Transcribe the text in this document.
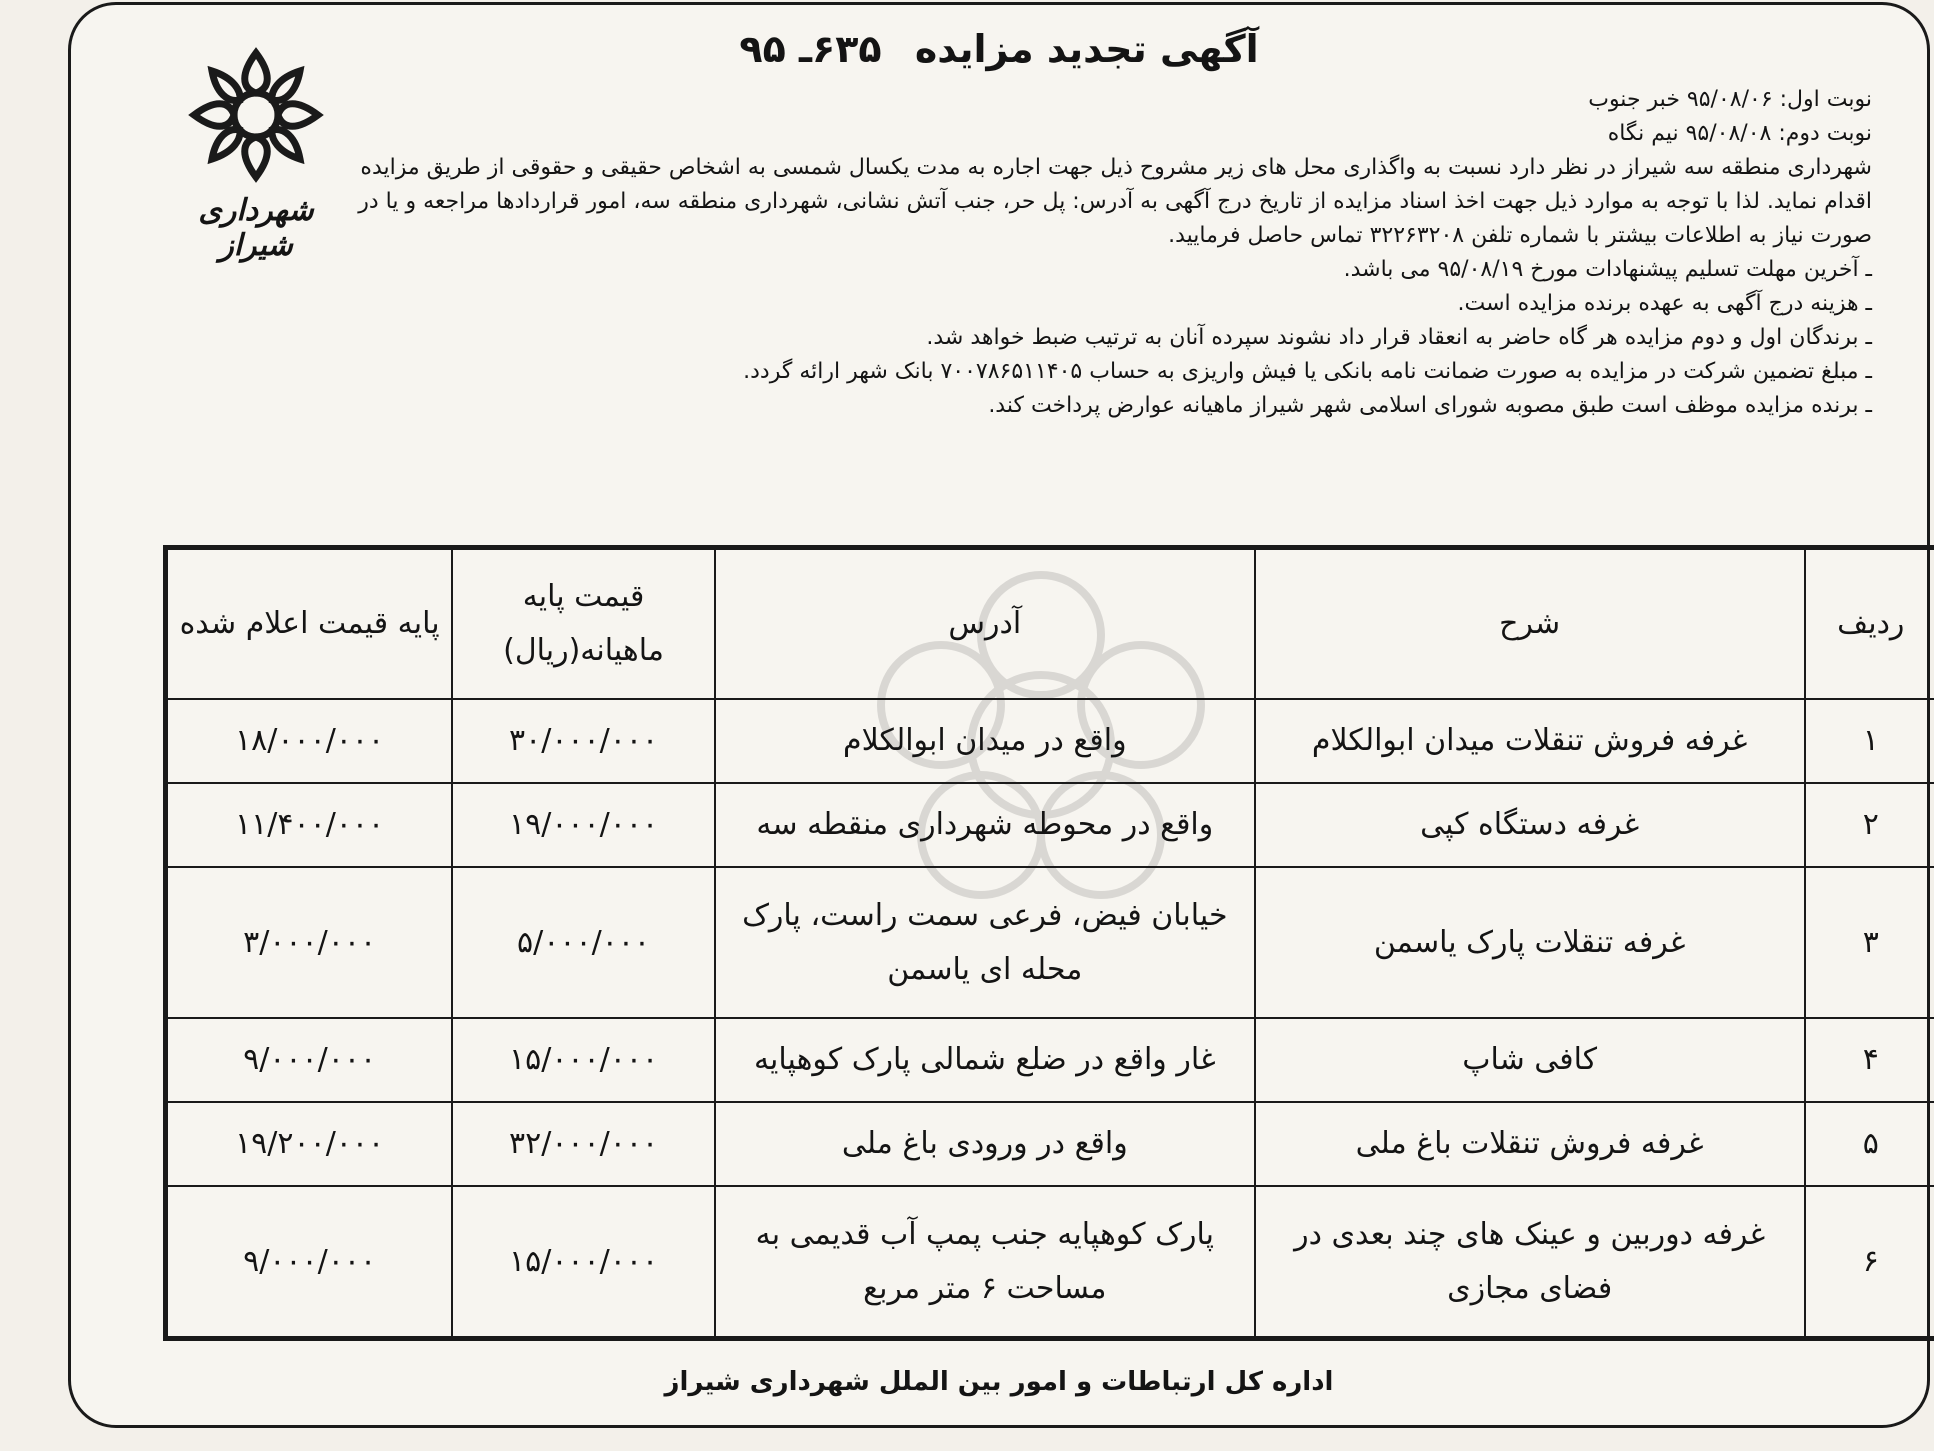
آگهی تجدید مزایده ۶۳۵ـ ۹۵
شهرداری شیراز

نوبت اول: ۹۵/۰۸/۰۶ خبر جنوب

نوبت دوم: ۹۵/۰۸/۰۸ نیم نگاه

شهرداری منطقه سه شیراز در نظر دارد نسبت به واگذاری محل های زیر مشروح ذیل جهت اجاره به مدت یکسال شمسی به اشخاص حقیقی و حقوقی از طریق مزایده اقدام نماید. لذا با توجه به موارد ذیل جهت اخذ اسناد مزایده از تاریخ درج آگهی به آدرس: پل حر، جنب آتش نشانی، شهرداری منطقه سه، امور قراردادها مراجعه و یا در صورت نیاز به اطلاعات بیشتر با شماره تلفن ۳۲۲۶۳۲۰۸ تماس حاصل فرمایید.

ـ آخرین مهلت تسلیم پیشنهادات مورخ ۹۵/۰۸/۱۹ می باشد.

ـ هزینه درج آگهی به عهده برنده مزایده است.

ـ برندگان اول و دوم مزایده هر گاه حاضر به انعقاد قرار داد نشوند سپرده آنان به ترتیب ضبط خواهد شد.

ـ مبلغ تضمین شرکت در مزایده به صورت ضمانت نامه بانکی یا فیش واریزی به حساب ۷۰۰۷۸۶۵۱۱۴۰۵ بانک شهر ارائه گردد.

ـ برنده مزایده موظف است طبق مصوبه شورای اسلامی شهر شیراز ماهیانه عوارض پرداخت کند.

ردیف	شرح	آدرس	قیمت پایه ماهیانه(ریال)	پایه قیمت اعلام شده
۱	غرفه فروش تنقلات میدان ابوالکلام	واقع در میدان ابوالکلام	۳۰/۰۰۰/۰۰۰	۱۸/۰۰۰/۰۰۰
۲	غرفه دستگاه کپی	واقع در محوطه شهرداری منقطه سه	۱۹/۰۰۰/۰۰۰	۱۱/۴۰۰/۰۰۰
۳	غرفه تنقلات پارک یاسمن	خیابان فیض، فرعی سمت راست، پارک محله ای یاسمن	۵/۰۰۰/۰۰۰	۳/۰۰۰/۰۰۰
۴	کافی شاپ	غار واقع در ضلع شمالی پارک کوهپایه	۱۵/۰۰۰/۰۰۰	۹/۰۰۰/۰۰۰
۵	غرفه فروش تنقلات باغ ملی	واقع در ورودی باغ ملی	۳۲/۰۰۰/۰۰۰	۱۹/۲۰۰/۰۰۰
۶	غرفه دوربین و عینک های چند بعدی در فضای مجازی	پارک کوهپایه جنب پمپ آب قدیمی به مساحت ۶ متر مربع	۱۵/۰۰۰/۰۰۰	۹/۰۰۰/۰۰۰
اداره کل ارتباطات و امور بین الملل شهرداری شیراز
